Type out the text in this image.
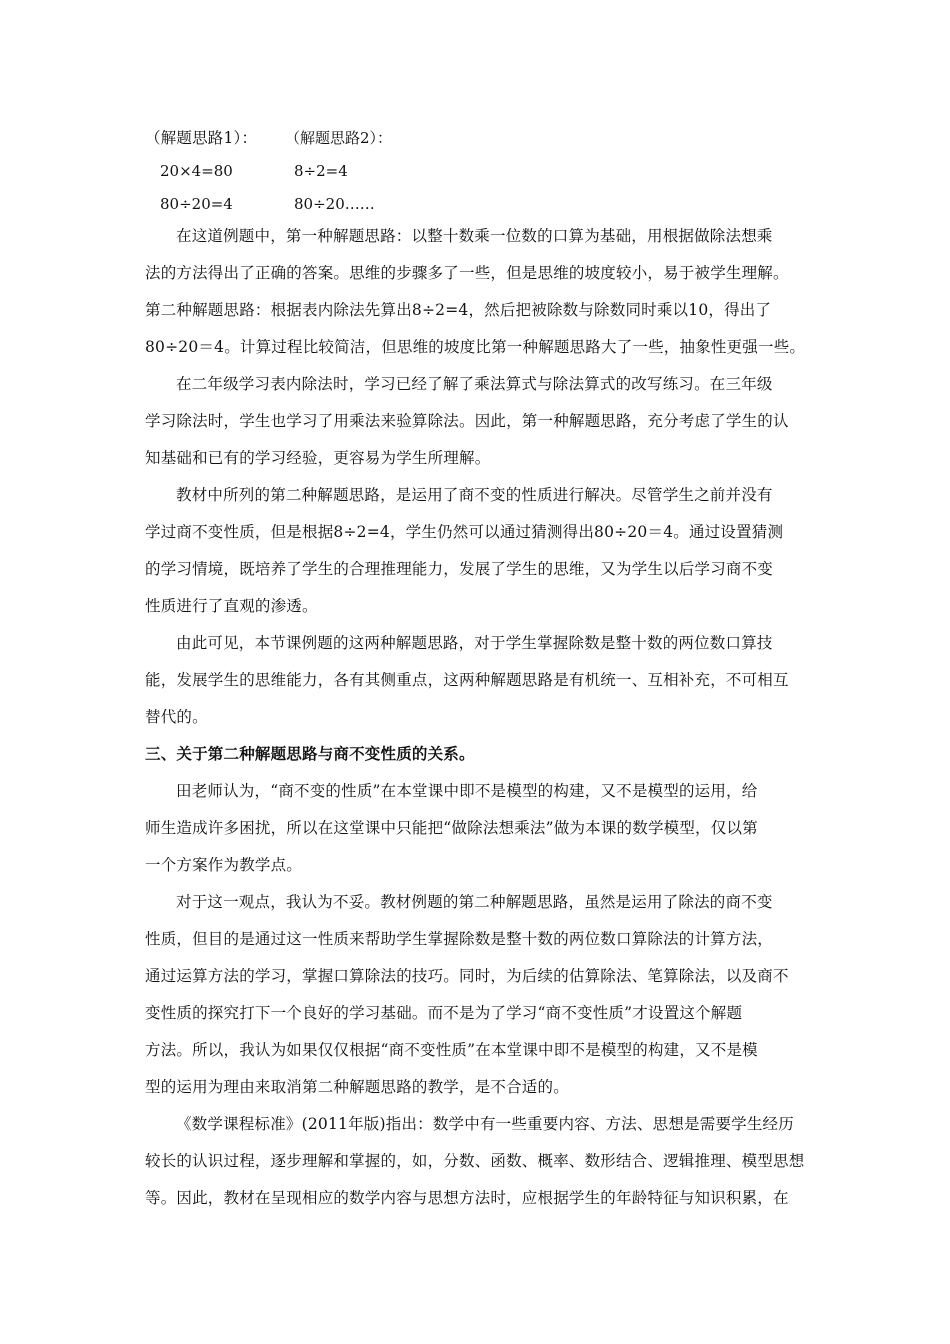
（解题思路1）：	（解题思路2）：
20×4=80	8÷2=4
80÷20=4	80÷20……
在这道例题中，第一种解题思路：以整十数乘一位数的口算为基础，用根据做除法想乘
法的方法得出了正确的答案。思维的步骤多了一些，但是思维的坡度较小，易于被学生理解。
第二种解题思路：根据表内除法先算出8÷2=4，然后把被除数与除数同时乘以10，得出了
80÷20＝4。计算过程比较简洁，但思维的坡度比第一种解题思路大了一些，抽象性更强一些。
在二年级学习表内除法时，学习已经了解了乘法算式与除法算式的改写练习。在三年级
学习除法时，学生也学习了用乘法来验算除法。因此，第一种解题思路，充分考虑了学生的认
知基础和已有的学习经验，更容易为学生所理解。
教材中所列的第二种解题思路，是运用了商不变的性质进行解决。尽管学生之前并没有
学过商不变性质，但是根据8÷2=4，学生仍然可以通过猜测得出80÷20＝4。通过设置猜测
的学习情境，既培养了学生的合理推理能力，发展了学生的思维，又为学生以后学习商不变
性质进行了直观的渗透。
由此可见，本节课例题的这两种解题思路，对于学生掌握除数是整十数的两位数口算技
能，发展学生的思维能力，各有其侧重点，这两种解题思路是有机统一、互相补充，不可相互
替代的。
三、关于第二种解题思路与商不变性质的关系。
田老师认为，“商不变的性质”在本堂课中即不是模型的构建，又不是模型的运用，给
师生造成许多困扰，所以在这堂课中只能把“做除法想乘法”做为本课的数学模型，仅以第
一个方案作为教学点。
对于这一观点，我认为不妥。教材例题的第二种解题思路，虽然是运用了除法的商不变
性质，但目的是通过这一性质来帮助学生掌握除数是整十数的两位数口算除法的计算方法，
通过运算方法的学习，掌握口算除法的技巧。同时，为后续的估算除法、笔算除法，以及商不
变性质的探究打下一个良好的学习基础。而不是为了学习“商不变性质”才设置这个解题
方法。所以，我认为如果仅仅根据“商不变性质”在本堂课中即不是模型的构建，又不是模
型的运用为理由来取消第二种解题思路的教学，是不合适的。
《数学课程标准》(2011年版)指出：数学中有一些重要内容、方法、思想是需要学生经历
较长的认识过程，逐步理解和掌握的，如，分数、函数、概率、数形结合、逻辑推理、模型思想
等。因此，教材在呈现相应的数学内容与思想方法时，应根据学生的年龄特征与知识积累，在
